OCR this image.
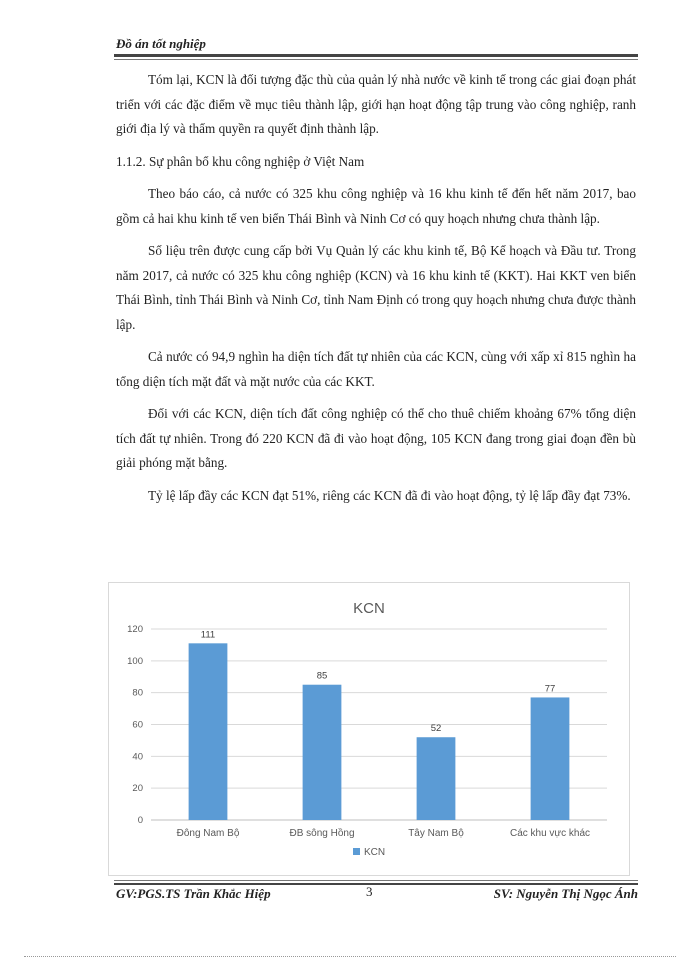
Đồ án tốt nghiệp

Tóm lại, KCN là đối tượng đặc thù của quản lý nhà nước về kinh tế trong các giai đoạn phát triển với các đặc điểm về mục tiêu thành lập, giới hạn hoạt động tập trung vào công nghiệp, ranh giới địa lý và thẩm quyền ra quyết định thành lập.

1.1.2. Sự phân bổ khu công nghiệp ở Việt Nam

Theo báo cáo, cả nước có 325 khu công nghiệp và 16 khu kinh tế đến hết năm 2017, bao gồm cả hai khu kinh tế ven biển Thái Bình và Ninh Cơ có quy hoạch nhưng chưa thành lập.

Số liệu trên được cung cấp bởi Vụ Quản lý các khu kinh tế, Bộ Kế hoạch và Đầu tư. Trong năm 2017, cả nước có 325 khu công nghiệp (KCN) và 16 khu kinh tế (KKT). Hai KKT ven biển Thái Bình, tỉnh Thái Bình và Ninh Cơ, tỉnh Nam Định có trong quy hoạch nhưng chưa được thành lập.

Cả nước có 94,9 nghìn ha diện tích đất tự nhiên của các KCN, cùng với xấp xỉ 815 nghìn ha tổng diện tích mặt đất và mặt nước của các KKT.

Đối với các KCN, diện tích đất công nghiệp có thể cho thuê chiếm khoảng 67% tổng diện tích đất tự nhiên. Trong đó 220 KCN đã đi vào hoạt động, 105 KCN đang trong giai đoạn đền bù giải phóng mặt bằng.

Tỷ lệ lấp đầy các KCN đạt 51%, riêng các KCN đã đi vào hoạt động, tỷ lệ lấp đầy đạt 73%.

KCN
0
20
40
60
80
100
120	111
Đông Nam Bộ
85
ĐB sông Hồng
52
Tây Nam Bộ
77
Các khu vực khác
KCN
GV:PGS.TS Trần Khắc Hiệp	3	SV: Nguyễn Thị Ngọc Ánh
